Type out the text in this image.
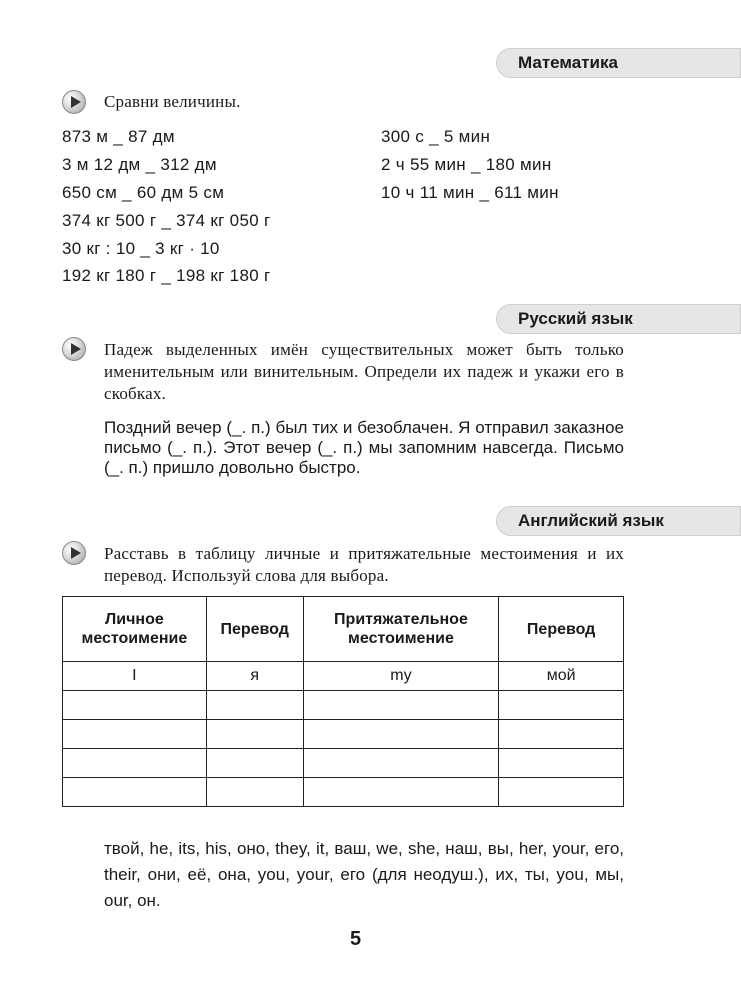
Математика
Сравни величины.
873 м _ 87 дм
3 м 12 дм _ 312 дм
650 см _ 60 дм 5 см
374 кг 500 г _ 374 кг 050 г
30 кг : 10 _ 3 кг · 10
192 кг 180 г _ 198 кг 180 г
300 с _ 5 мин
2 ч 55 мин _ 180 мин
10 ч 11 мин _ 611 мин
Русский язык
Падеж выделенных имён существительных может быть только именительным или винительным. Определи их падеж и укажи его в скобках.
Поздний вечер (_. п.) был тих и безоблачен. Я отправил заказное письмо (_. п.). Этот вечер (_. п.) мы запомним навсегда. Письмо (_. п.) пришло довольно быстро.
Английский язык
Расставь в таблицу личные и притяжательные местоимения и их перевод. Используй слова для выбора.
Личное местоимение	Перевод	Притяжательное местоимение	Перевод
I	я	my	мой

твой, he, its, his, оно, they, it, ваш, we, she, наш, вы, her, your, его, their, они, её, она, you, your, его (для неодуш.), их, ты, you, мы, our, он.
5
